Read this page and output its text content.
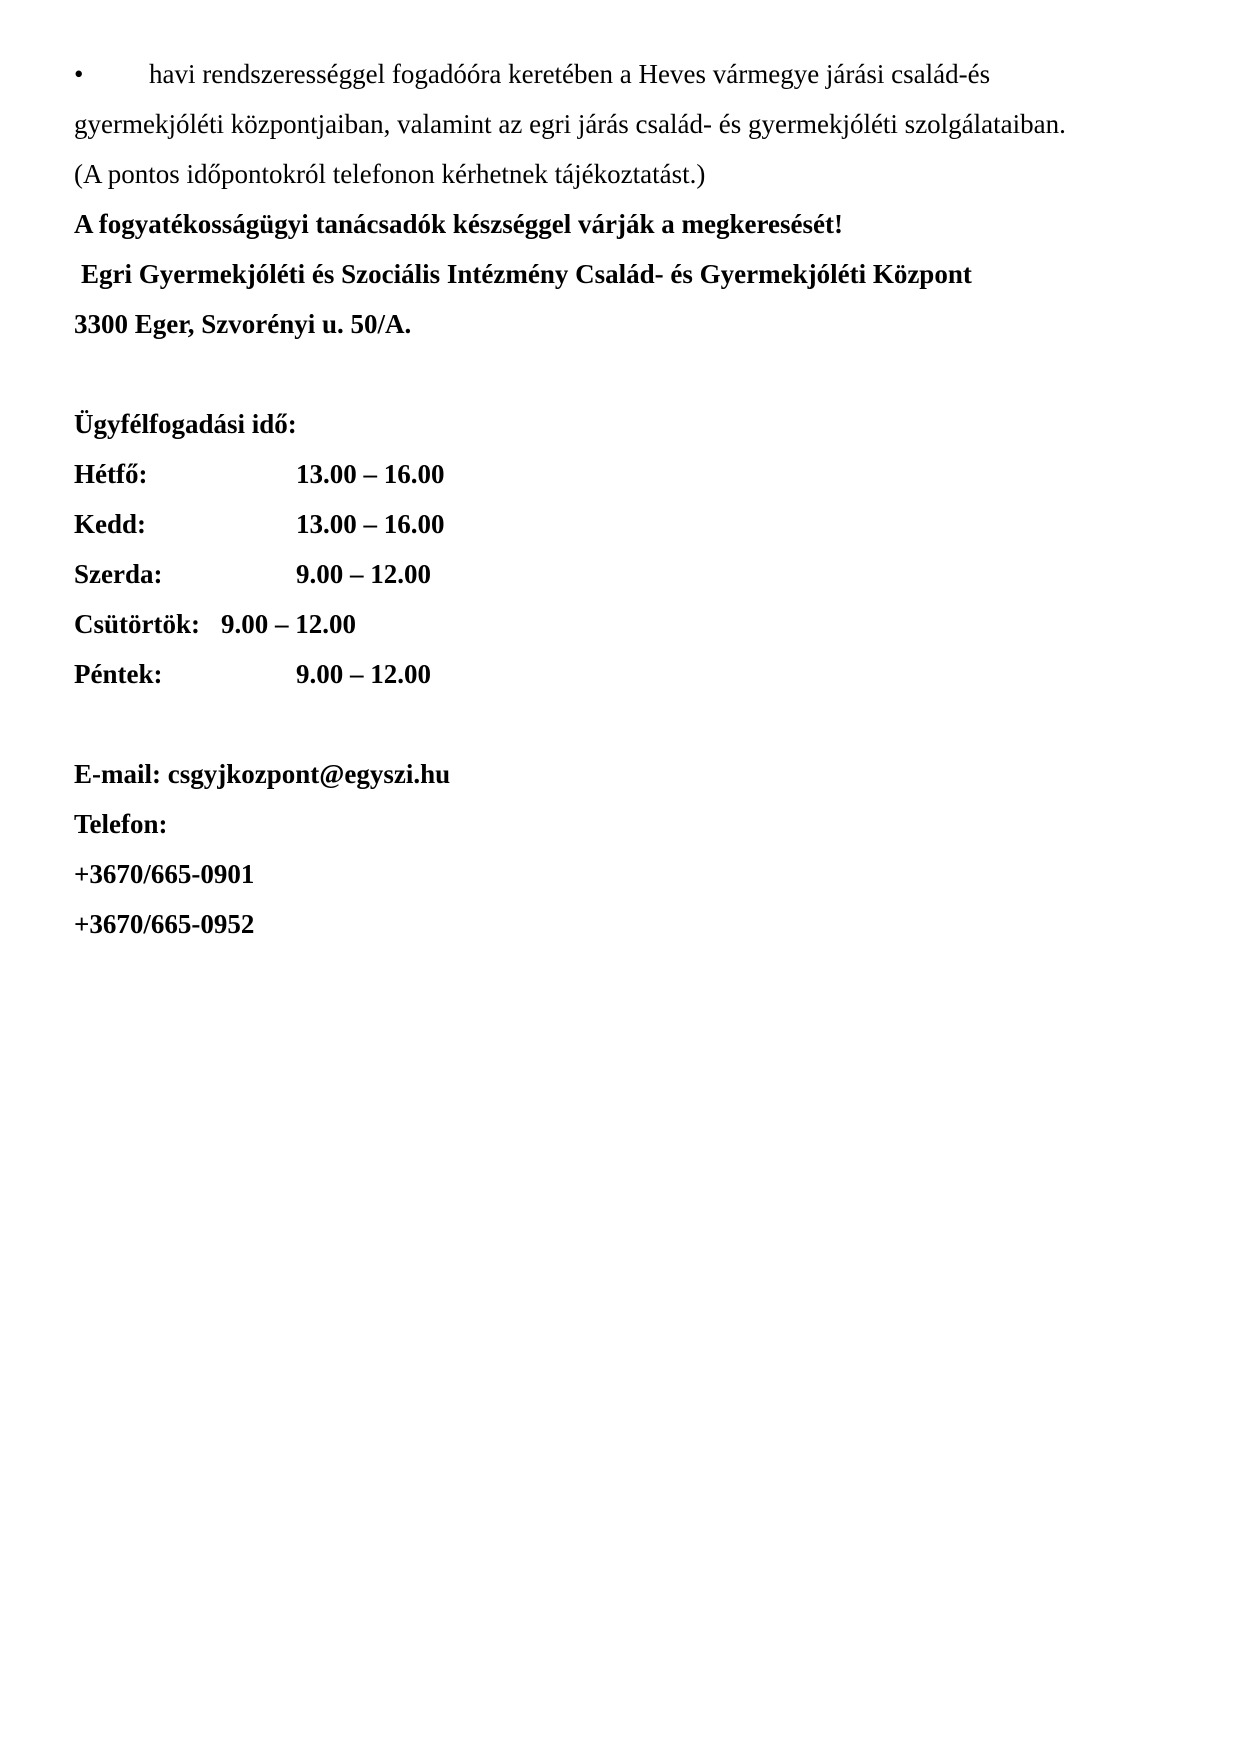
• havi rendszerességgel fogadóóra keretében a Heves vármegye járási család-és
gyermekjóléti központjaiban, valamint az egri járás család- és gyermekjóléti szolgálataiban.
(A pontos időpontokról telefonon kérhetnek tájékoztatást.)
A fogyatékosságügyi tanácsadók készséggel várják a megkeresését!
Egri Gyermekjóléti és Szociális Intézmény Család- és Gyermekjóléti Központ
3300 Eger, Szvorényi u. 50/A.
Ügyfélfogadási idő:
Hétfő:	13.00 – 16.00
Kedd:	13.00 – 16.00
Szerda:	9.00 – 12.00
Csütörtök: 9.00 – 12.00
Péntek:	9.00 – 12.00
E-mail: csgyjkozpont@egyszi.hu
Telefon:
+3670/665-0901
+3670/665-0952
